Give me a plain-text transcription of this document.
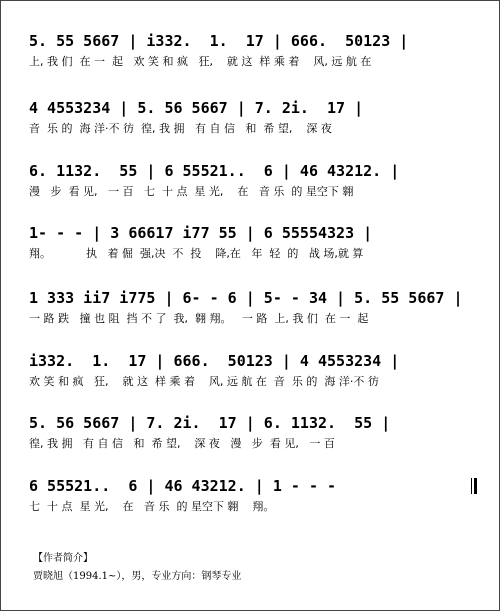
5. 55 5667 | i332.  1.  17 | 666.  50123 |
上, 我 们  在 一  起   欢 笑 和 疯   狂,    就 这  样 乘 着    风, 远 航 在
4 4553234 | 5. 56 5667 | 7. 2i.  17 |
音  乐 的  海 洋·不 彷  徨, 我 拥   有 自 信   和  希 望,    深 夜
6. 1132.  55 | 6 55521..  6 | 46 43212. |
漫   步  看 见,   一 百   七  十 点  星 光,    在   音 乐  的 星空下 翱
1- - - | 3 66617 i77 55 | 6 55554323 |
翔。          执   着 倔  强,决  不  投    降,在   年  轻  的   战 场,就 算
1 333 ii7 i775 | 6- - 6 | 5- - 34 | 5. 55 5667 |
一 路 跌   撞 也 阻  挡 不 了  我,  翱 翔。   一 路  上, 我 们  在 一  起
i332.  1.  17 | 666.  50123 | 4 4553234 |
欢 笑 和 疯   狂,    就 这  样 乘 着    风, 远 航 在  音  乐 的  海 洋·不 彷
5. 56 5667 | 7. 2i.  17 | 6. 1132.  55 |
徨, 我 拥   有 自 信   和  希 望,    深 夜   漫   步  看 见,   一 百
6 55521..  6 | 46 43212. | 1 - - -
七  十 点  星 光,    在   音 乐  的 星空下 翱    翔。
【作者简介】
贾晓旭（1994.1~），男，专业方向：钢琴专业
